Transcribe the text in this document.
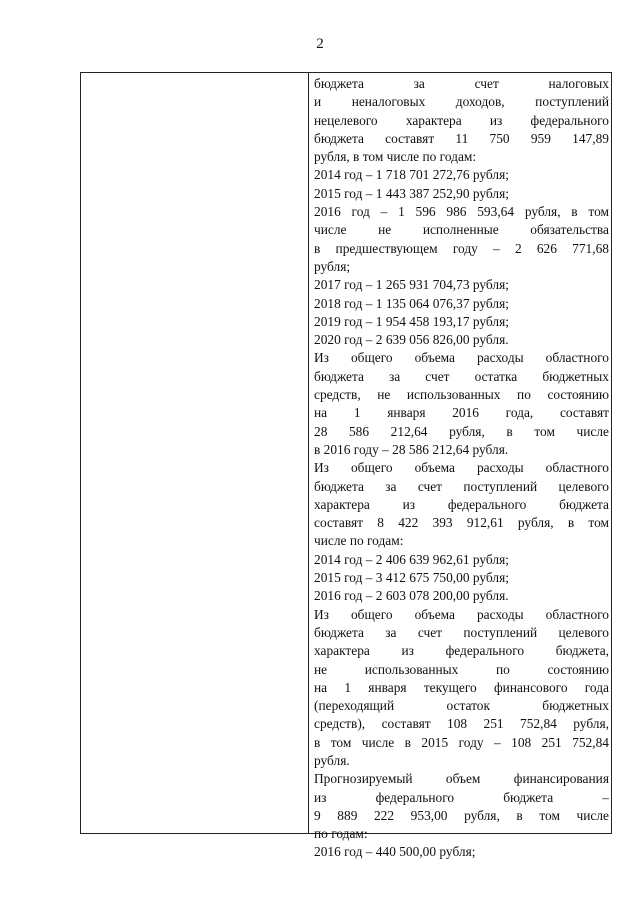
2
бюджета за счет налоговых
и неналоговых доходов, поступлений
нецелевого характера из федерального
бюджета составят 11 750 959 147,89
рубля, в том числе по годам:
2014 год – 1 718 701 272,76 рубля;
2015 год – 1 443 387 252,90 рубля;
2016 год – 1 596 986 593,64 рубля, в том
числе не исполненные обязательства
в предшествующем году – 2 626 771,68
рубля;
2017 год – 1 265 931 704,73 рубля;
2018 год – 1 135 064 076,37 рубля;
2019 год – 1 954 458 193,17 рубля;
2020 год – 2 639 056 826,00 рубля.
Из общего объема расходы областного
бюджета за счет остатка бюджетных
средств, не использованных по состоянию
на 1 января 2016 года, составят
28 586 212,64 рубля, в том числе
в 2016 году – 28 586 212,64 рубля.
Из общего объема расходы областного
бюджета за счет поступлений целевого
характера из федерального бюджета
составят 8 422 393 912,61 рубля, в том
числе по годам:
2014 год – 2 406 639 962,61 рубля;
2015 год – 3 412 675 750,00 рубля;
2016 год – 2 603 078 200,00 рубля.
Из общего объема расходы областного
бюджета за счет поступлений целевого
характера из федерального бюджета,
не использованных по состоянию
на 1 января текущего финансового года
(переходящий остаток бюджетных
средств), составят 108 251 752,84 рубля,
в том числе в 2015 году – 108 251 752,84
рубля.
Прогнозируемый объем финансирования
из федерального бюджета –
9 889 222 953,00 рубля, в том числе
по годам:
2016 год – 440 500,00 рубля;
